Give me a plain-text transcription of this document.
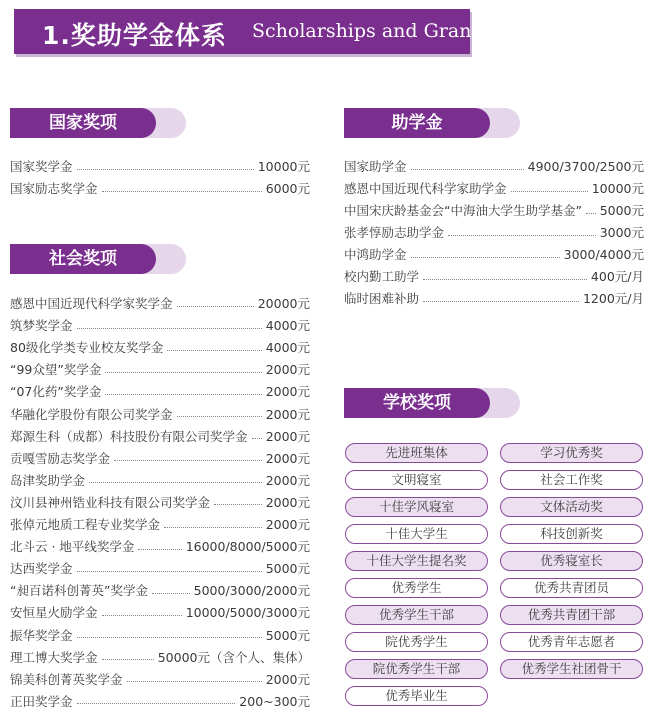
1.奖助学金体系 Scholarships and Grants
国家奖项
国家奖学金	10000元
国家励志奖学金	6000元
社会奖项
感恩中国近现代科学家奖学金	20000元
筑梦奖学金	4000元
80级化学类专业校友奖学金	4000元
“99众望”奖学金	2000元
“07化药”奖学金	2000元
华融化学股份有限公司奖学金	2000元
郑源生科（成都）科技股份有限公司奖学金 2000元
贡嘎雪励志奖学金	2000元
岛津奖助学金	2000元
汶川县神州锆业科技有限公司奖学金	2000元
张倬元地质工程专业奖学金	2000元
北斗云 · 地平线奖学金	16000/8000/5000元
达西奖学金	5000元
“昶百诺科创菁英”奖学金	5000/3000/2000元
安恒星火励学金	10000/5000/3000元
振华奖学金	5000元
理工博大奖学金	50000元（含个人、集体）
锦美科创菁英奖学金	2000元
正田奖学金	200~300元
助学金
国家助学金	4900/3700/2500元
感恩中国近现代科学家助学金	10000元
中国宋庆龄基金会“中海油大学生助学基金” 5000元
张孝惇励志助学金	3000元
中鸿助学金	3000/4000元
校内勤工助学	400元/月
临时困难补助	1200元/月
学校奖项
先进班集体
文明寝室
十佳学风寝室
十佳大学生
十佳大学生提名奖
优秀学生
优秀学生干部
院优秀学生
院优秀学生干部
优秀毕业生
学习优秀奖
社会工作奖
文体活动奖
科技创新奖
优秀寝室长
优秀共青团员
优秀共青团干部
优秀青年志愿者
优秀学生社团骨干
